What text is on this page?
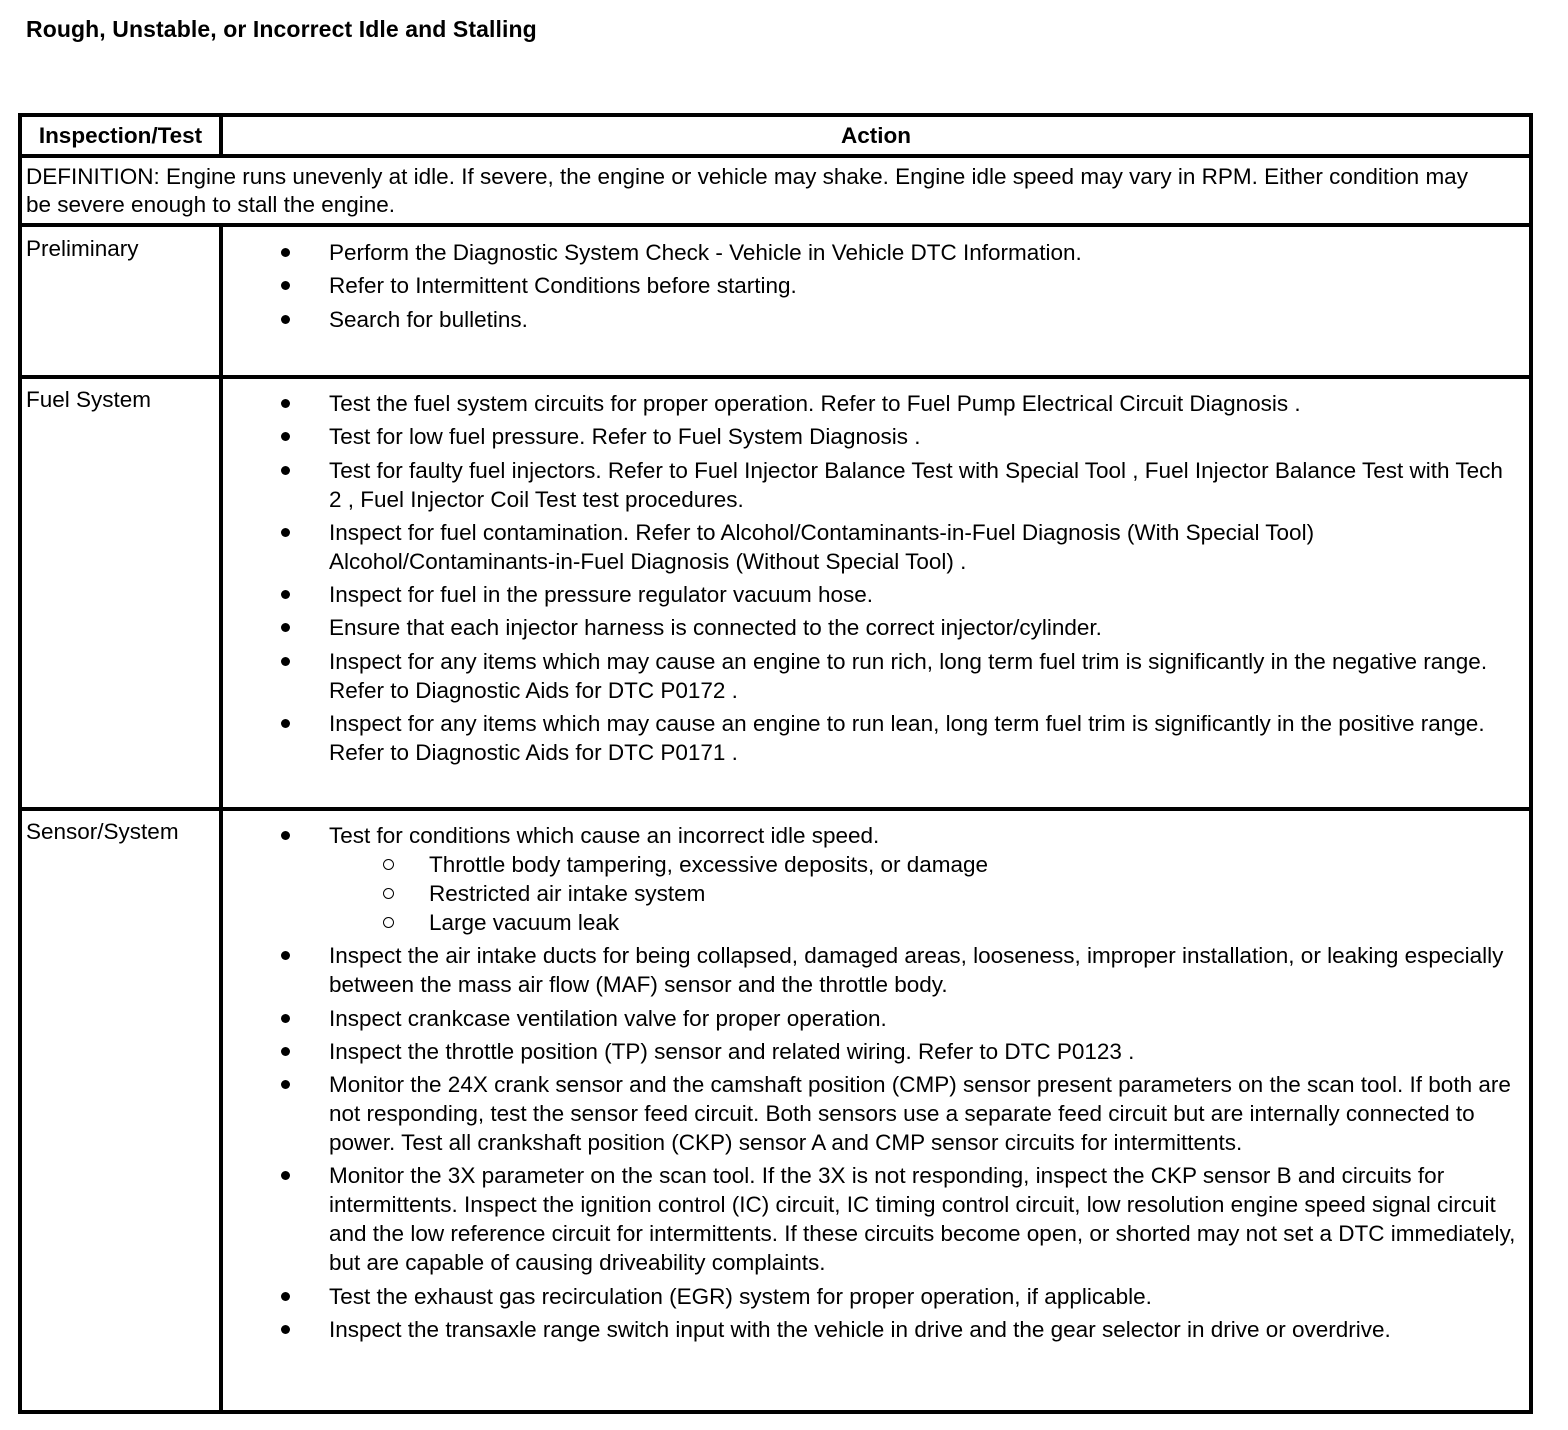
Rough, Unstable, or Incorrect Idle and Stalling
Inspection/Test	Action
DEFINITION: Engine runs unevenly at idle. If severe, the engine or vehicle may shake. Engine idle speed may vary in RPM. Either condition may be severe enough to stall the engine.
Preliminary	Perform the Diagnostic System Check - Vehicle in Vehicle DTC Information.
Refer to Intermittent Conditions before starting.
Search for bulletins.
Fuel System	Test the fuel system circuits for proper operation. Refer to Fuel Pump Electrical Circuit Diagnosis .
Test for low fuel pressure. Refer to Fuel System Diagnosis .
Test for faulty fuel injectors. Refer to Fuel Injector Balance Test with Special Tool , Fuel Injector Balance Test with Tech 2 , Fuel Injector Coil Test test procedures.
Inspect for fuel contamination. Refer to Alcohol/Contaminants-in-Fuel Diagnosis (With Special Tool) Alcohol/Contaminants-in-Fuel Diagnosis (Without Special Tool) .
Inspect for fuel in the pressure regulator vacuum hose.
Ensure that each injector harness is connected to the correct injector/cylinder.
Inspect for any items which may cause an engine to run rich, long term fuel trim is significantly in the negative range. Refer to Diagnostic Aids for DTC P0172 .
Inspect for any items which may cause an engine to run lean, long term fuel trim is significantly in the positive range. Refer to Diagnostic Aids for DTC P0171 .
Sensor/System	Test for conditions which cause an incorrect idle speed.
Throttle body tampering, excessive deposits, or damage
Restricted air intake system
Large vacuum leak
Inspect the air intake ducts for being collapsed, damaged areas, looseness, improper installation, or leaking especially between the mass air flow (MAF) sensor and the throttle body.
Inspect crankcase ventilation valve for proper operation.
Inspect the throttle position (TP) sensor and related wiring. Refer to DTC P0123 .
Monitor the 24X crank sensor and the camshaft position (CMP) sensor present parameters on the scan tool. If both are not responding, test the sensor feed circuit. Both sensors use a separate feed circuit but are internally connected to power. Test all crankshaft position (CKP) sensor A and CMP sensor circuits for intermittents.
Monitor the 3X parameter on the scan tool. If the 3X is not responding, inspect the CKP sensor B and circuits for intermittents. Inspect the ignition control (IC) circuit, IC timing control circuit, low resolution engine speed signal circuit and the low reference circuit for intermittents. If these circuits become open, or shorted may not set a DTC immediately, but are capable of causing driveability complaints.
Test the exhaust gas recirculation (EGR) system for proper operation, if applicable.
Inspect the transaxle range switch input with the vehicle in drive and the gear selector in drive or overdrive.
